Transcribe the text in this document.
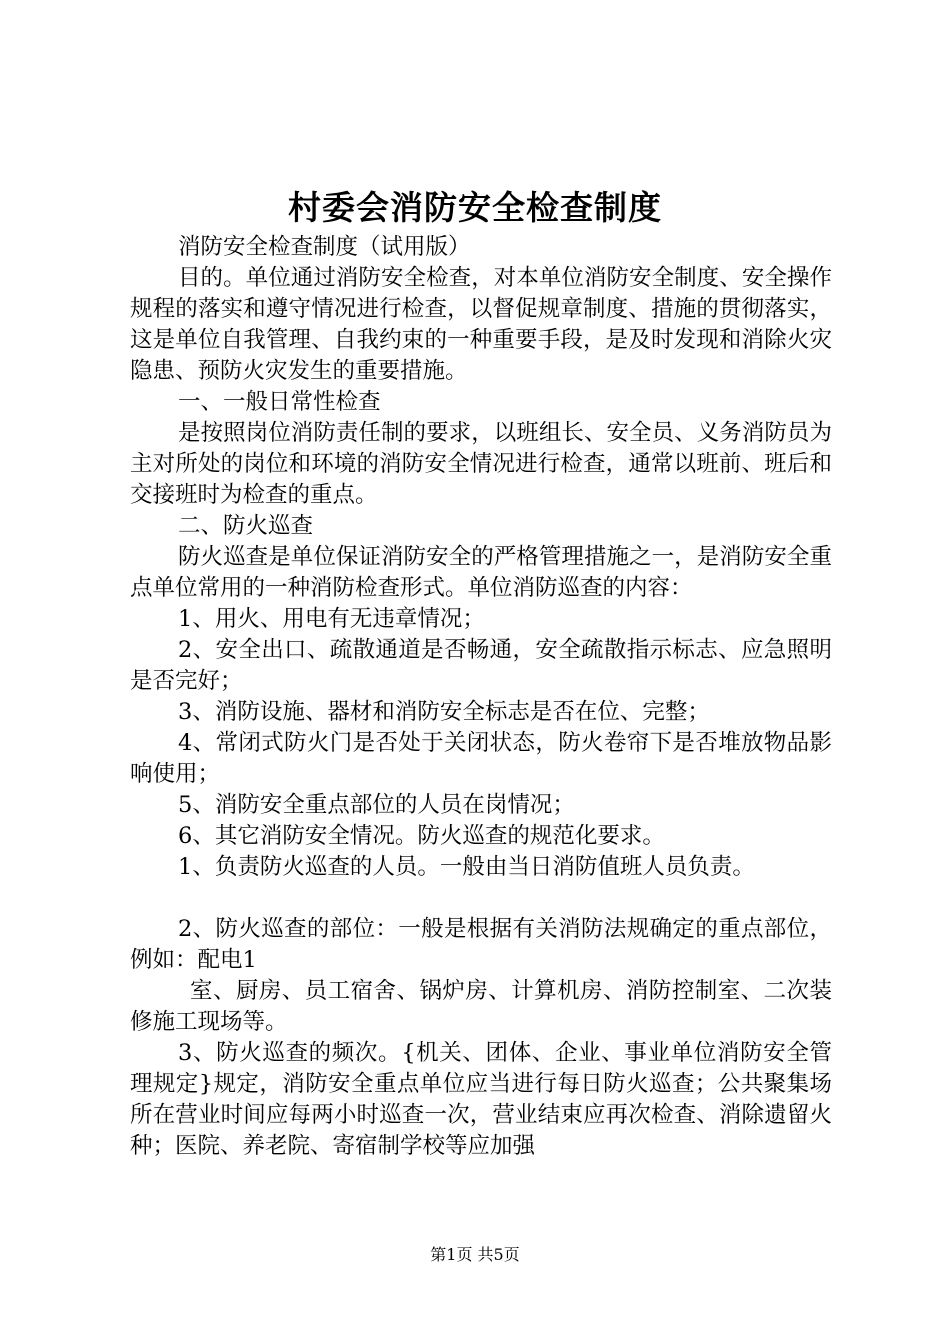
村委会消防安全检查制度

消防安全检查制度（试用版）

目的。单位通过消防安全检查，对本单位消防安全制度、安全操作规程的落实和遵守情况进行检查，以督促规章制度、措施的贯彻落实，这是单位自我管理、自我约束的一种重要手段，是及时发现和消除火灾隐患、预防火灾发生的重要措施。

一、一般日常性检查

是按照岗位消防责任制的要求，以班组长、安全员、义务消防员为主对所处的岗位和环境的消防安全情况进行检查，通常以班前、班后和交接班时为检查的重点。

二、防火巡查

防火巡查是单位保证消防安全的严格管理措施之一，是消防安全重点单位常用的一种消防检查形式。单位消防巡查的内容：

1、用火、用电有无违章情况；

2、安全出口、疏散通道是否畅通，安全疏散指示标志、应急照明是否完好；

3、消防设施、器材和消防安全标志是否在位、完整；

4、常闭式防火门是否处于关闭状态，防火卷帘下是否堆放物品影响使用；

5、消防安全重点部位的人员在岗情况；

6、其它消防安全情况。防火巡查的规范化要求。

1、负责防火巡查的人员。一般由当日消防值班人员负责。

2、防火巡查的部位：一般是根据有关消防法规确定的重点部位，例如：配电1

室、厨房、员工宿舍、锅炉房、计算机房、消防控制室、二次装修施工现场等。

3、防火巡查的频次。{机关、团体、企业、事业单位消防安全管理规定}规定，消防安全重点单位应当进行每日防火巡查；公共聚集场所在营业时间应每两小时巡查一次，营业结束应再次检查、消除遗留火种；医院、养老院、寄宿制学校等应加强

第1页 共5页
